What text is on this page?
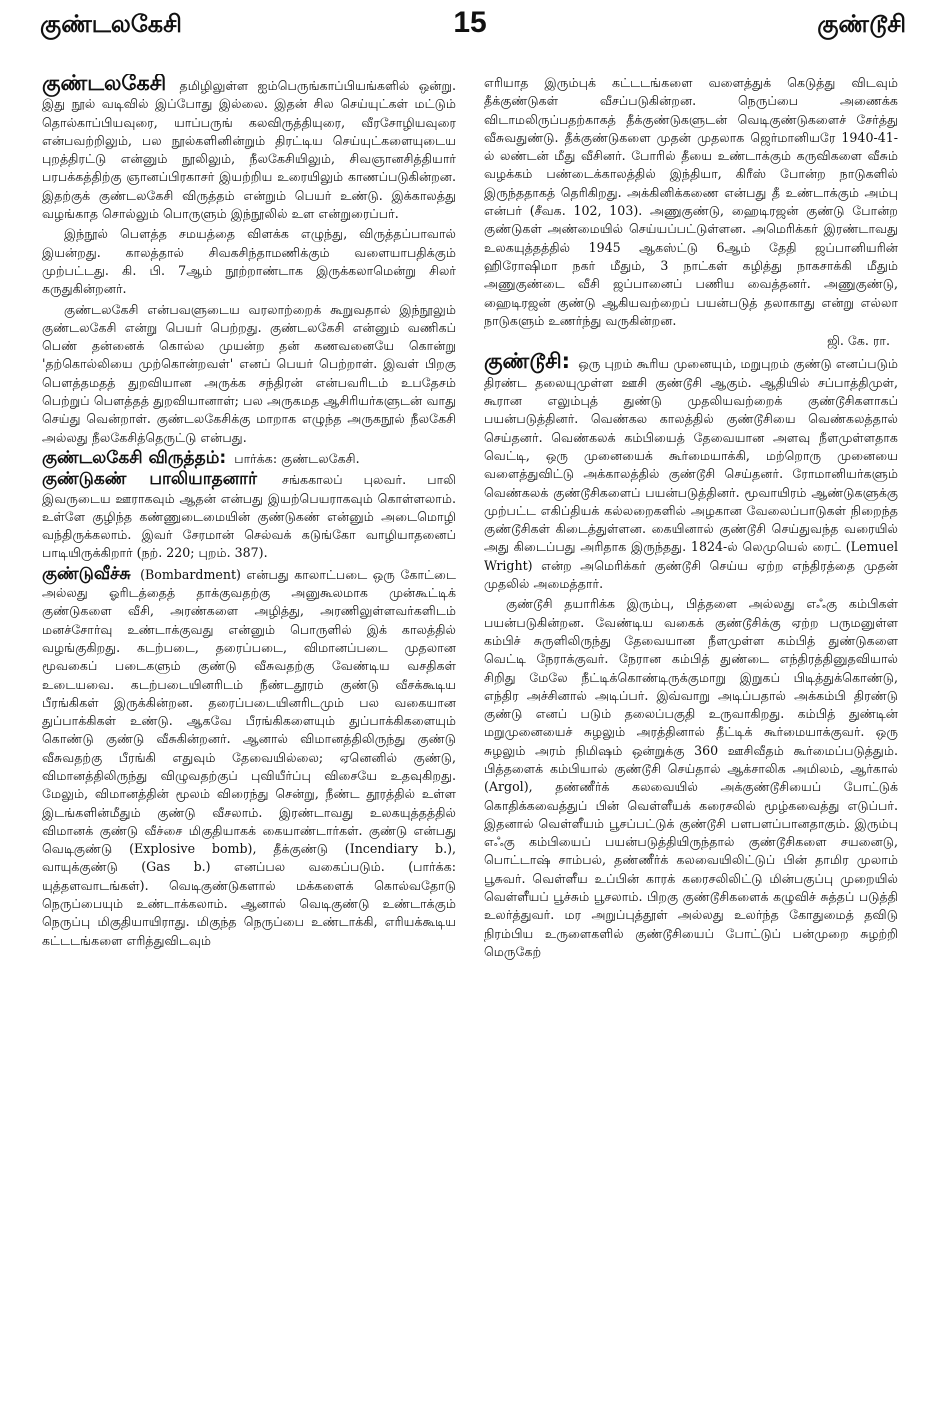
குண்டலகேசி	15	குண்டூசி

குண்டலகேசி தமிழிலுள்ள ஐம்பெருங்காப்பியங்களில் ஒன்று. இது நூல் வடிவில் இப்போது இல்லை. இதன் சில செய்யுட்கள் மட்டும் தொல்காப்பியவுரை, யாப்பருங் கலவிருத்தியுரை, வீரசோழியவுரை என்பவற்றிலும், பல நூல்களினின்றும் திரட்டிய செய்யுட்களையுடைய புறத்திரட்டு என்னும் நூலிலும், நீலகேசியிலும், சிவஞானசித்தியார் பரபக்கத்திற்கு ஞானப்பிரகாசர் இயற்றிய உரையிலும் காணப்படுகின்றன. இதற்குக் குண்டலகேசி விருத்தம் என்றும் பெயர் உண்டு. இக்காலத்து வழங்காத சொல்லும் பொருளும் இந்நூலில் உள என்றுரைப்பர்.

இந்நூல் பௌத்த சமயத்தை விளக்க எழுந்து, விருத்தப்பாவால் இயன்றது. காலத்தால் சிவகசிந்தாமணிக்கும் வளையாபதிக்கும் முற்பட்டது. கி. பி. 7ஆம் நூற்றாண்டாக இருக்கலாமென்று சிலர் கருதுகின்றனர்.

குண்டலகேசி என்பவளுடைய வரலாற்றைக் கூறுவதால் இந்நூலும் குண்டலகேசி என்று பெயர் பெற்றது. குண்டலகேசி என்னும் வணிகப் பெண் தன்னைக் கொல்ல முயன்ற தன் கணவனையே கொன்று 'தற்கொல்லியை முற்கொன்றவள்' எனப் பெயர் பெற்றாள். இவள் பிறகு பௌத்தமதத் துறவியான அருக்க சந்திரன் என்பவரிடம் உபதேசம் பெற்றுப் பௌத்தத் துறவியானாள்; பல அருகமத ஆசிரியர்களுடன் வாது செய்து வென்றாள். குண்டலகேசிக்கு மாறாக எழுந்த அருகநூல் நீலகேசி அல்லது நீலகேசித்தெருட்டு என்பது.

குண்டலகேசி விருத்தம்: பார்க்க: குண்டலகேசி.

குண்டுகண் பாலியாதனார் சங்ககாலப் புலவர். பாலி இவருடைய ஊராகவும் ஆதன் என்பது இயற்பெயராகவும் கொள்ளலாம். உள்ளே குழிந்த கண்ணுடைமையின் குண்டுகண் என்னும் அடைமொழி வந்திருக்கலாம். இவர் சேரமான் செல்வக் கடுங்கோ வாழியாதனைப் பாடியிருக்கிறார் (நற். 220; புறம். 387).

குண்டுவீச்சு (Bombardment) என்பது காலாட்படை ஒரு கோட்டை அல்லது ஓரிடத்தைத் தாக்குவதற்கு அனுகூலமாக முன்கூட்டிக் குண்டுகளை வீசி, அரண்களை அழித்து, அரணிலுள்ளவர்களிடம் மனச்சோர்வு உண்டாக்குவது என்னும் பொருளில் இக் காலத்தில் வழங்குகிறது. கடற்படை, தரைப்படை, விமானப்படை முதலான மூவகைப் படைகளும் குண்டு வீசுவதற்கு வேண்டிய வசதிகள் உடையவை. கடற்படையினரிடம் நீண்டதூரம் குண்டு வீசக்கூடிய பீரங்கிகள் இருக்கின்றன. தரைப்படையினரிடமும் பல வகையான துப்பாக்கிகள் உண்டு. ஆகவே பீரங்கிகளையும் துப்பாக்கிகளையும் கொண்டு குண்டு வீசுகின்றனர். ஆனால் விமானத்திலிருந்து குண்டு வீசுவதற்கு பீரங்கி எதுவும் தேவையில்லை; ஏனெனில் குண்டு, விமானத்திலிருந்து விழுவதற்குப் புவியீர்ப்பு விசையே உதவுகிறது. மேலும், விமானத்தின் மூலம் விரைந்து சென்று, நீண்ட தூரத்தில் உள்ள இடங்களின்மீதும் குண்டு வீசலாம். இரண்டாவது உலகயுத்தத்தில் விமானக் குண்டு வீச்சை மிகுதியாகக் கையாண்டார்கள். குண்டு என்பது வெடிகுண்டு (Explosive bomb), தீக்குண்டு (Incendiary b.), வாயுக்குண்டு (Gas b.) எனப்பல வகைப்படும். (பார்க்க: யுத்தளவாடங்கள்). வெடிகுண்டுகளால் மக்களைக் கொல்வதோடு நெருப்பையும் உண்டாக்கலாம். ஆனால் வெடிகுண்டு உண்டாக்கும் நெருப்பு மிகுதியாயிராது. மிகுந்த நெருப்பை உண்டாக்கி, எரியக்கூடிய கட்டடங்களை எரித்துவிடவும்

எரியாத இரும்புக் கட்டடங்களை வளைத்துக் கெடுத்து விடவும் தீக்குண்டுகள் வீசப்படுகின்றன. நெருப்பை அணைக்க விடாமலிருப்பதற்காகத் தீக்குண்டுகளுடன் வெடிகுண்டுகளைச் சேர்த்து வீசுவதுண்டு. தீக்குண்டுகளை முதன் முதலாக ஜெர்மானியரே 1940-41-ல் லண்டன் மீது வீசினர். போரில் தீயை உண்டாக்கும் கருவிகளை வீசும் வழக்கம் பண்டைக்காலத்தில் இந்தியா, கிரீஸ் போன்ற நாடுகளில் இருந்ததாகத் தெரிகிறது. அக்கினிக்கணை என்பது தீ உண்டாக்கும் அம்பு என்பர் (சீவக. 102, 103). அணுகுண்டு, ஹைடிரஜன் குண்டு போன்ற குண்டுகள் அண்மையில் செய்யப்பட்டுள்ளன. அமெரிக்கர் இரண்டாவது உலகயுத்தத்தில் 1945 ஆகஸ்ட்டு 6ஆம் தேதி ஜப்பானியரின் ஹிரோஷிமா நகர் மீதும், 3 நாட்கள் கழித்து நாகசாக்கி மீதும் அணுகுண்டை வீசி ஜப்பானைப் பணிய வைத்தனர். அணுகுண்டு, ஹைடிரஜன் குண்டு ஆகியவற்றைப் பயன்படுத் தலாகாது என்று எல்லா நாடுகளும் உணர்ந்து வருகின்றன.

ஜி. கே. ரா.

குண்டூசி: ஒரு புறம் கூரிய முனையும், மறுபுறம் குண்டு எனப்படும் திரண்ட தலையுமுள்ள ஊசி குண்டூசி ஆகும். ஆதியில் சப்பாத்திமுள், கூரான எலும்புத் துண்டு முதலியவற்றைக் குண்டூசிகளாகப் பயன்படுத்தினர். வெண்கல காலத்தில் குண்டூசியை வெண்கலத்தால் செய்தனர். வெண்கலக் கம்பியைத் தேவையான அளவு நீளமுள்ளதாக வெட்டி, ஒரு முனையைக் கூர்மையாக்கி, மற்றொரு முனையை வளைத்துவிட்டு அக்காலத்தில் குண்டூசி செய்தனர். ரோமானியர்களும் வெண்கலக் குண்டூசிகளைப் பயன்படுத்தினர். மூவாயிரம் ஆண்டுகளுக்கு முற்பட்ட எகிப்தியக் கல்லறைகளில் அழகான வேலைப்பாடுகள் நிறைந்த குண்டூசிகள் கிடைத்துள்ளன. கையினால் குண்டூசி செய்துவந்த வரையில் அது கிடைப்பது அரிதாக இருந்தது. 1824-ல் லெமுயெல் ரைட் (Lemuel Wright) என்ற அமெரிக்கர் குண்டூசி செய்ய ஏற்ற எந்திரத்தை முதன் முதலில் அமைத்தார்.

குண்டூசி தயாரிக்க இரும்பு, பித்தளை அல்லது எஃகு கம்பிகள் பயன்படுகின்றன. வேண்டிய வகைக் குண்டூசிக்கு ஏற்ற பருமனுள்ள கம்பிச் சுருளிலிருந்து தேவையான நீளமுள்ள கம்பித் துண்டுகளை வெட்டி நேராக்குவர். நேரான கம்பித் துண்டை எந்திரத்தினுதவியால் சிறிது மேலே நீட்டிக்கொண்டிருக்குமாறு இறுகப் பிடித்துக்கொண்டு, எந்திர அச்சினால் அடிப்பர். இவ்வாறு அடிப்பதால் அக்கம்பி திரண்டு குண்டு எனப் படும் தலைப்பகுதி உருவாகிறது. கம்பித் துண்டின் மறுமுனையைச் சுழலும் அரத்தினால் தீட்டிக் கூர்மையாக்குவர். ஒரு சுழலும் அரம் நிமிஷம் ஒன்றுக்கு 360 ஊசிவீதம் கூர்மைப்படுத்தும். பித்தளைக் கம்பியால் குண்டூசி செய்தால் ஆக்சாலிக அமிலம், ஆர்கால் (Argol), தண்ணீர்க் கலவையில் அக்குண்டூசியைப் போட்டுக் கொதிக்கவைத்துப் பின் வெள்ளீயக் கரைசலில் மூழ்கவைத்து எடுப்பர். இதனால் வெள்ளீயம் பூசப்பட்டுக் குண்டூசி பளபளப்பானதாகும். இரும்பு எஃகு கம்பியைப் பயன்படுத்தியிருந்தால் குண்டூசிகளை சயனைடு, பொட்டாஷ் சாம்பல், தண்ணீர்க் கலவையிலிட்டுப் பின் தாமிர முலாம் பூசுவர். வெள்ளீய உப்பின் காரக் கரைசலிலிட்டு மின்பகுப்பு முறையில் வெள்ளீயப் பூச்சும் பூசலாம். பிறகு குண்டூசிகளைக் கழுவிச் சுத்தப் படுத்தி உலர்த்துவர். மர அறுப்புத்தூள் அல்லது உலர்ந்த கோதுமைத் தவிடு நிரம்பிய உருளைகளில் குண்டூசியைப் போட்டுப் பன்முறை சுழற்றி மெருகேற்
